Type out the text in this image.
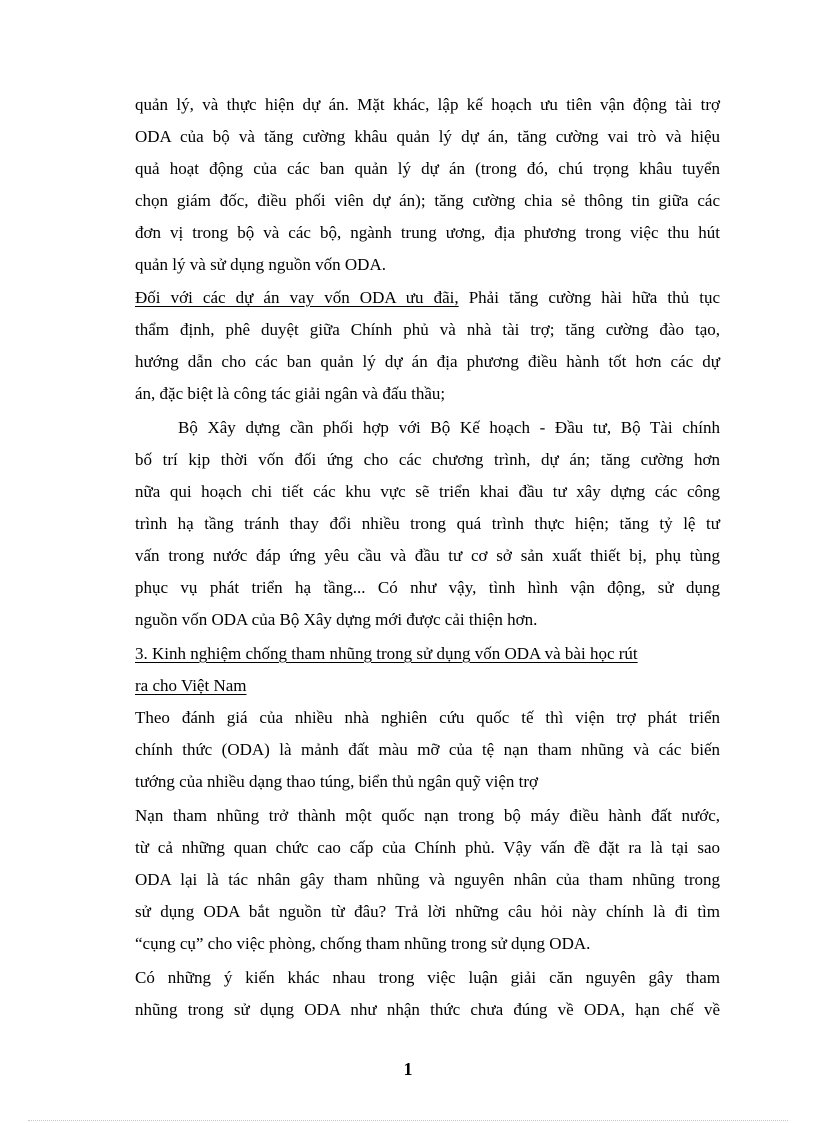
quản lý, và thực hiện dự án. Mặt khác, lập kế hoạch ưu tiên vận động tài trợ
ODA của bộ và tăng cường khâu quản lý dự án, tăng cường vai trò và hiệu
quả hoạt động của các ban quản lý dự án (trong đó, chú trọng khâu tuyển
chọn giám đốc, điều phối viên dự án); tăng cường chia sẻ thông tin giữa các
đơn vị trong bộ và các bộ, ngành trung ương, địa phương trong việc thu hút
quản lý và sử dụng nguồn vốn ODA.
Đối với các dự án vay vốn ODA ưu đãi, Phải tăng cường hài hữa thủ tục
thẩm định, phê duyệt giữa Chính phủ và nhà tài trợ; tăng cường đào tạo,
hướng dẫn cho các ban quản lý dự án địa phương điều hành tốt hơn các dự
án, đặc biệt là công tác giải ngân và đấu thầu;
Bộ Xây dựng cần phối hợp với Bộ Kế hoạch - Đầu tư, Bộ Tài chính
bố trí kịp thời vốn đối ứng cho các chương trình, dự án; tăng cường hơn
nữa qui hoạch chi tiết các khu vực sẽ triển khai đầu tư xây dựng các công
trình hạ tầng tránh thay đổi nhiều trong quá trình thực hiện; tăng tỷ lệ tư
vấn trong nước đáp ứng yêu cầu và đầu tư cơ sở sản xuất thiết bị, phụ tùng
phục vụ phát triển hạ tầng... Có như vậy, tình hình vận động, sử dụng
nguồn vốn ODA của Bộ Xây dựng mới được cải thiện hơn.
3. Kinh nghiệm chống tham nhũng trong sử dụng vốn ODA và bài học rút
ra cho Việt Nam
Theo đánh giá của nhiều nhà nghiên cứu quốc tế thì viện trợ phát triển
chính thức (ODA) là mảnh đất màu mỡ của tệ nạn tham nhũng và các biến
tướng của nhiều dạng thao túng, biển thủ ngân quỹ viện trợ
Nạn tham nhũng trở thành một quốc nạn trong bộ máy điều hành đất nước,
từ cả những quan chức cao cấp của Chính phủ. Vậy vấn đề đặt ra là tại sao
ODA lại là tác nhân gây tham nhũng và nguyên nhân của tham nhũng trong
sử dụng ODA bắt nguồn từ đâu? Trả lời những câu hỏi này chính là đi tìm
“cụng cụ” cho việc phòng, chống tham nhũng trong sử dụng ODA.
Có những ý kiến khác nhau trong việc luận giải căn nguyên gây tham
nhũng trong sử dụng ODA như nhận thức chưa đúng về ODA, hạn chế về
1
